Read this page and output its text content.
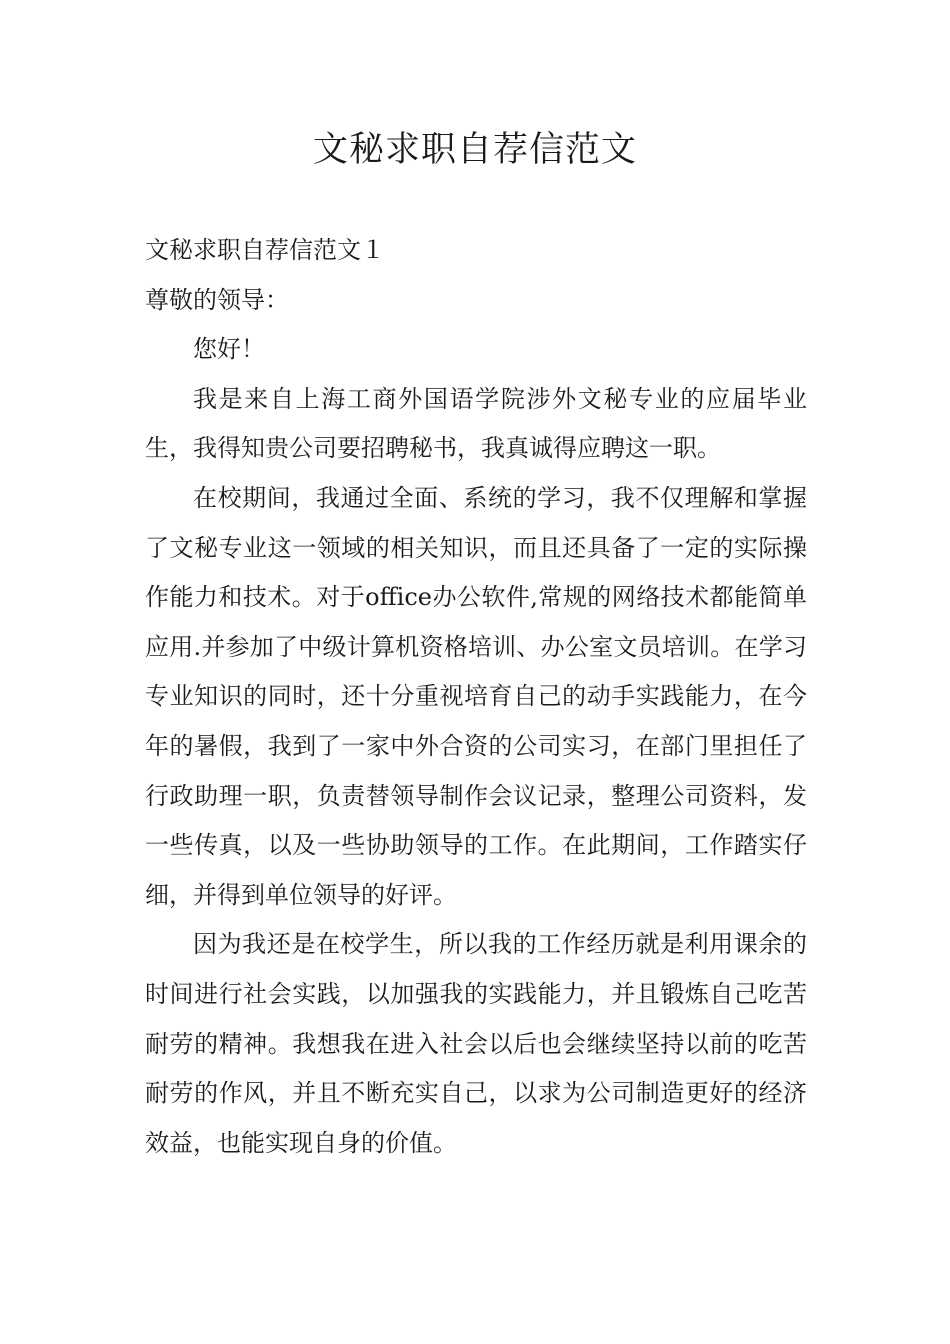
文秘求职自荐信范文

文秘求职自荐信范文１

尊敬的领导：

您好！

我是来自上海工商外国语学院涉外文秘专业的应届毕业生，我得知贵公司要招聘秘书，我真诚得应聘这一职。

在校期间，我通过全面、系统的学习，我不仅理解和掌握了文秘专业这一领域的相关知识，而且还具备了一定的实际操作能力和技术。对于office办公软件,常规的网络技术都能简单应用.并参加了中级计算机资格培训、办公室文员培训。在学习专业知识的同时，还十分重视培育自己的动手实践能力，在今年的暑假，我到了一家中外合资的公司实习，在部门里担任了行政助理一职，负责替领导制作会议记录，整理公司资料，发一些传真，以及一些协助领导的工作。在此期间，工作踏实仔细，并得到单位领导的好评。

因为我还是在校学生，所以我的工作经历就是利用课余的时间进行社会实践，以加强我的实践能力，并且锻炼自己吃苦耐劳的精神。我想我在进入社会以后也会继续坚持以前的吃苦耐劳的作风，并且不断充实自己，以求为公司制造更好的经济效益，也能实现自身的价值。
